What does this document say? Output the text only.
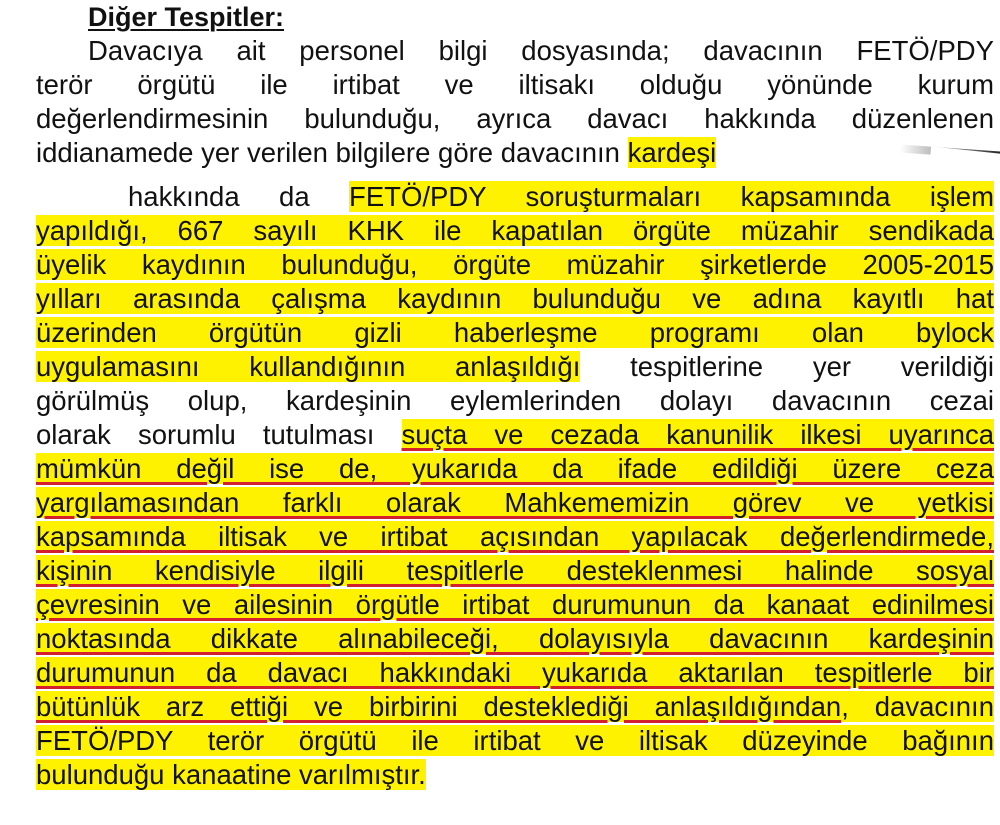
Diğer Tespitler:
Davacıya ait personel bilgi dosyasında; davacının FETÖ/PDY
terör örgütü ile irtibat ve iltisakı olduğu yönünde kurum
değerlendirmesinin bulunduğu, ayrıca davacı hakkında düzenlenen
iddianamede yer verilen bilgilere göre davacının kardeşi
hakkında da FETÖ/PDY soruşturmaları kapsamında işlem
yapıldığı, 667 sayılı KHK ile kapatılan örgüte müzahir sendikada
üyelik kaydının bulunduğu, örgüte müzahir şirketlerde 2005-2015
yılları arasında çalışma kaydının bulunduğu ve adına kayıtlı hat
üzerinden örgütün gizli haberleşme programı olan bylock
uygulamasını kullandığının anlaşıldığı tespitlerine yer verildiği
görülmüş olup, kardeşinin eylemlerinden dolayı davacının cezai
olarak sorumlu tutulması suçta ve cezada kanunilik ilkesi uyarınca
mümkün değil ise de, yukarıda da ifade edildiği üzere ceza
yargılamasından farklı olarak Mahkememizin görev ve yetkisi
kapsamında iltisak ve irtibat açısından yapılacak değerlendirmede,
kişinin kendisiyle ilgili tespitlerle desteklenmesi halinde sosyal
çevresinin ve ailesinin örgütle irtibat durumunun da kanaat edinilmesi
noktasında dikkate alınabileceği, dolayısıyla davacının kardeşinin
durumunun da davacı hakkındaki yukarıda aktarılan tespitlerle bir
bütünlük arz ettiği ve birbirini desteklediği anlaşıldığından, davacının
FETÖ/PDY terör örgütü ile irtibat ve iltisak düzeyinde bağının
bulunduğu kanaatine varılmıştır.
